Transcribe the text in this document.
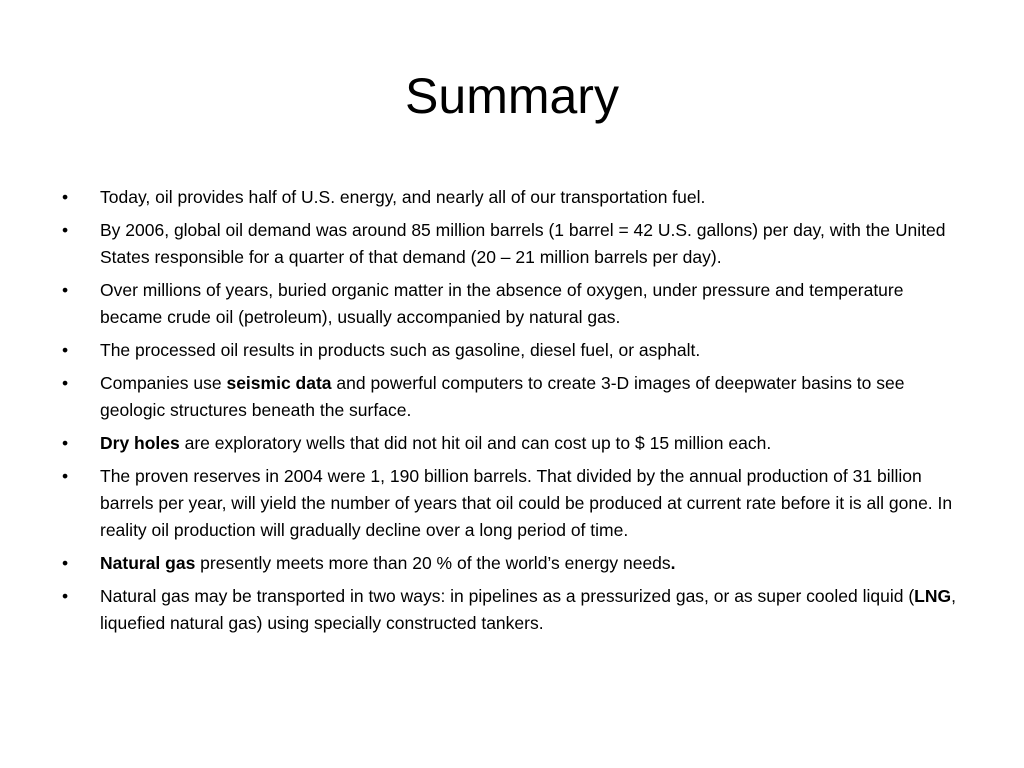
Summary
•	Today, oil provides half of U.S. energy, and nearly all of our transportation fuel.
•	By 2006, global oil demand was around 85 million barrels (1 barrel = 42 U.S. gallons) per day, with the United States responsible for a quarter of that demand (20 – 21 million barrels per day).
•	Over millions of years, buried organic matter in the absence of oxygen, under pressure and temperature became crude oil (petroleum), usually accompanied by natural gas.
•	The processed oil results in products such as gasoline, diesel fuel, or asphalt.
•	Companies use seismic data and powerful computers to create 3-D images of deepwater basins to see geologic structures beneath the surface.
•	Dry holes are exploratory wells that did not hit oil and can cost up to $ 15 million each.
•	The proven reserves in 2004 were 1, 190 billion barrels. That divided by the annual production of 31 billion barrels per year, will yield the number of years that oil could be produced at current rate before it is all gone. In reality oil production will gradually decline over a long period of time.
•	Natural gas presently meets more than 20 % of the world’s energy needs.
•	Natural gas may be transported in two ways: in pipelines as a pressurized gas, or as super cooled liquid (LNG, liquefied natural gas) using specially constructed tankers.
